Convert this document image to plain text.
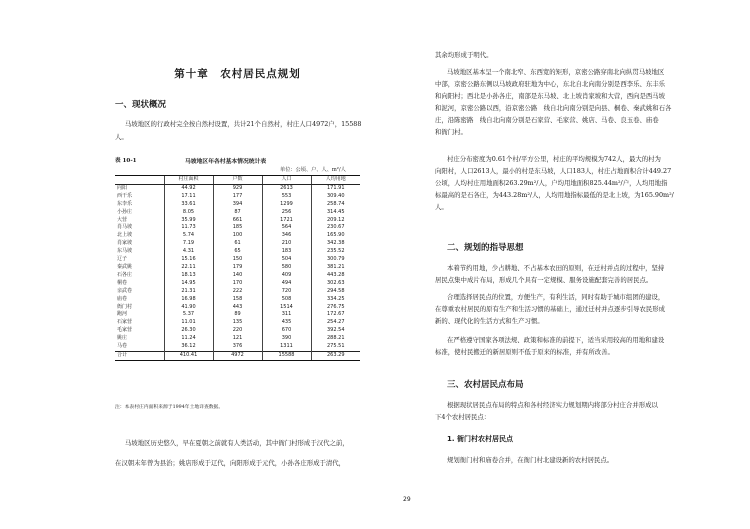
第十章　农村居民点规划
一、现状概况
马坡地区的行政村完全按自然村设置，共计21个自然村，村庄人口4972户，15588
人。
表 10-1	马坡地区年各村基本情况统计表
单位：公顷、户、人、m²/人
	村庄面积	户数	人口	人均用地
向阳	44.92	929	2613	171.91
西干乐	17.11	177	553	309.40
东李乐	33.61	394	1299	258.74
小孙庄	8.05	87	256	314.45
大营	35.99	661	1721	209.12
肖马坡	11.73	185	564	230.67
北上坡	5.74	100	346	165.90
肖家坡	7.19	61	210	342.38
东马坡	4.31	65	183	235.52
辽子	15.16	150	504	300.79
秦武姚	22.11	179	580	381.21
石各庄	18.13	140	409	443.28
桐卷	14.95	170	494	302.63
亲武卷	21.31	222	720	294.58
庙卷	16.98	158	508	334.25
衙门村	41.90	443	1514	276.75
跑河	5.37	89	311	172.67
石家营	11.01	135	435	254.27
毛家营	26.30	220	670	392.54
姚庄	11.24	121	390	288.21
马卷	36.12	376	1311	275.51
合计	410.41	4972	15588	263.29
注：本表村庄内面积来源于1994年土地详查数据。
马坡地区历史悠久，早在夏朝之前就有人类活动，其中衙门村形成于汉代之前，
在汉朝末年曾为县治；姚店形成于辽代，向阳形成于元代，小孙各庄形成于清代，
其余均形成于明代。
马坡地区基本呈一个南北窄、东西宽的矩形，京密公路穿南北向纵贯马坡地区
中部，京密公路东侧以马坡政府驻地为中心，东北自北向南分别是西李乐、东丰乐
和向阳村；西北是小孙各庄，南部是东马坡、北上坡肖家坡和大营，西向是西马坡
和泥河，京密公路以西，沿京密公路　线自北向南分别是向县、桐卷、秦武姚和石各
庄，沿陈密路　线自北向南分别是石家营、毛家营、姚店、马卷、良玉卷、庙卷
和衙门村。
村庄分布密度为0.61个村/平方公里，村庄的平均规模为742人，最大的村为
向阳村，人口2613人，最小的村是东马坡，人口183人，村庄占地面积合计449.27
公顷，人均村庄用地面积263.29m²/人，户均用地面积825.44m²/户，人均用地指
标最高的是石各庄，为443.28m²/人，人均用地指标最低的是北上坡，为165.90m²/
人。
二、规划的指导思想
本着节约用地，少占耕地、不占基本农田的原则，在迁村并点的过程中，坚持
居民点集中成片布局，形成几个具有一定规模、服务设施配套完善的居民点。
合理选择居民点的位置，方便生产，有利生活，同时有助于城市组团的建设，
在尊重农村居民的原有生产和生活习惯的基础上，通过迁村并点逐步引导农民形成
新的、现代化的生活方式和生产习惯。
在严格遵守国家各项法规、政策和标准的前提下，适当采用较高的用地和建设
标准，使村民搬迁的新居原则不低于原来的标准，并有所改善。
三、农村居民点布局
根据现状居民点布局的特点和各村经济实力规划期内将部分村庄合并形成以
下4个农村居民点：
1. 衙门村农村居民点
规划衙门村和庙卷合并，在衙门村北建设新的农村居民点。
29
